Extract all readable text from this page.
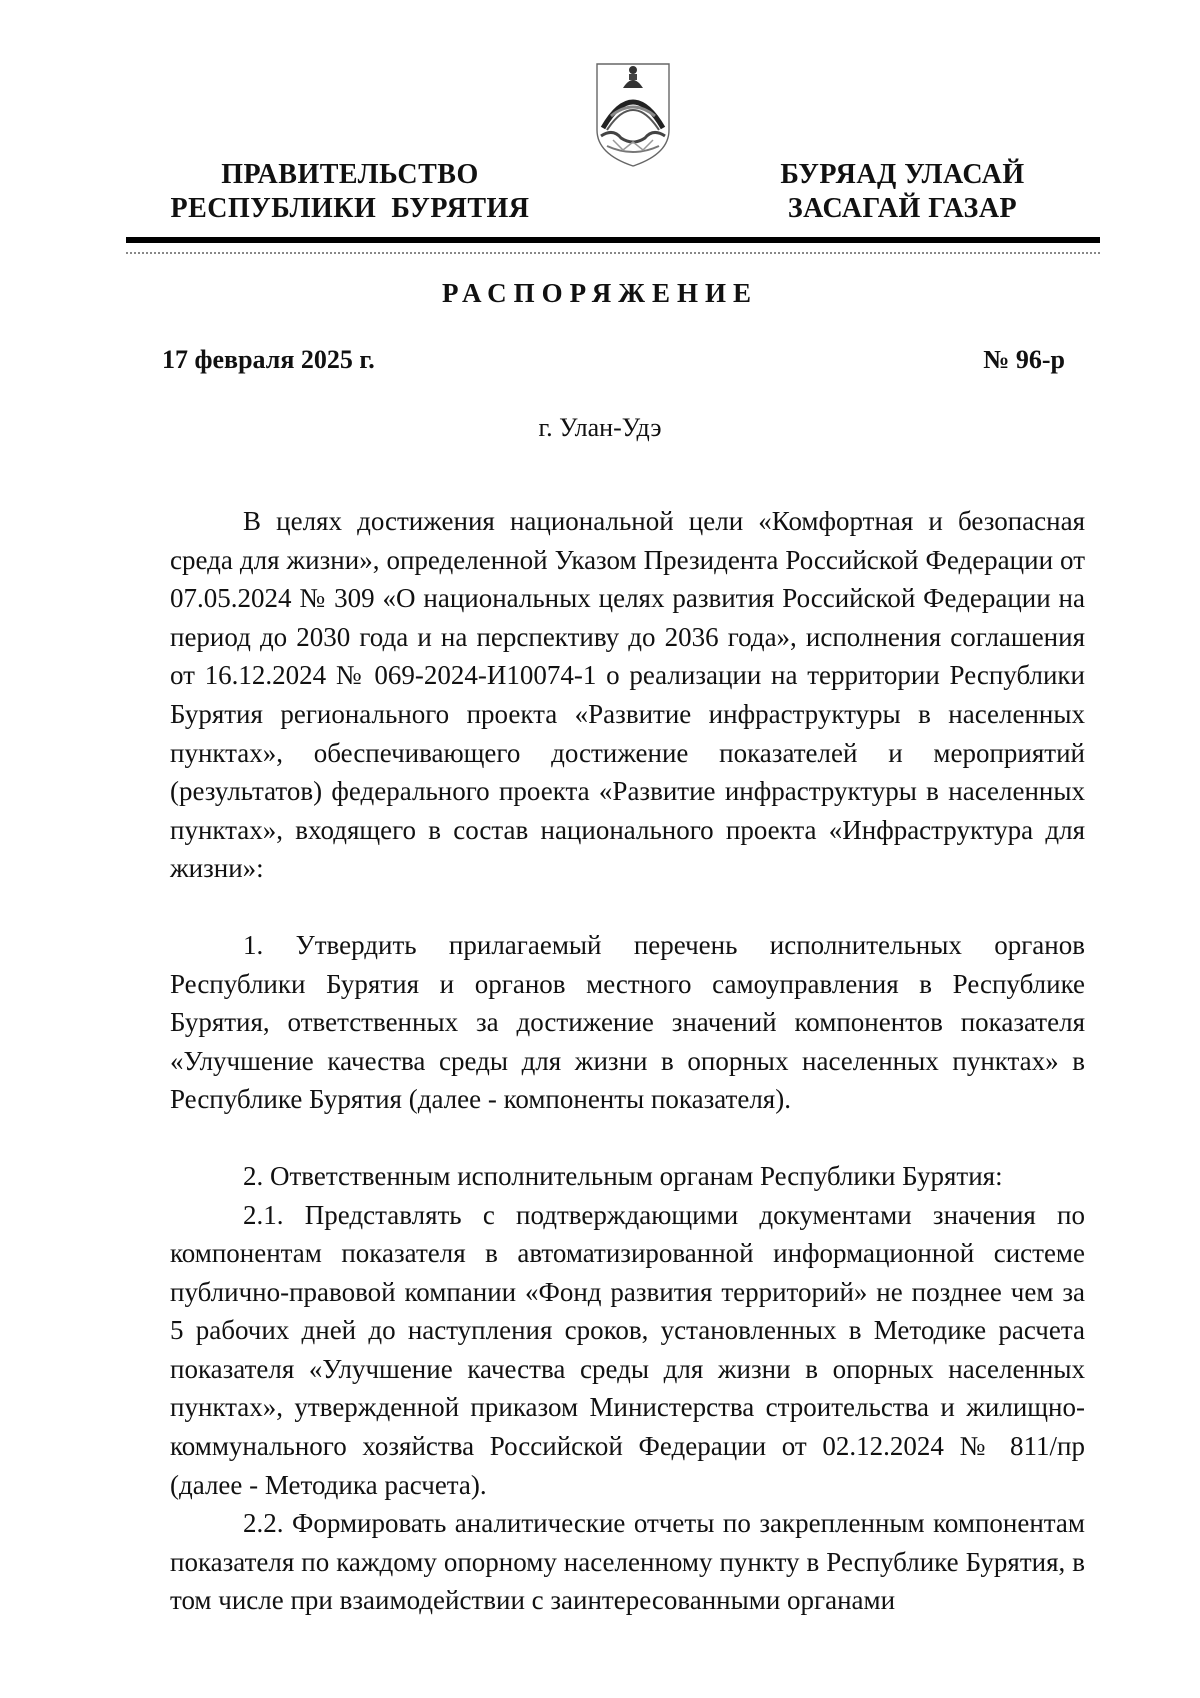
ПРАВИТЕЛЬСТВО
РЕСПУБЛИКИ  БУРЯТИЯ
БУРЯАД УЛАСАЙ
ЗАСАГАЙ ГАЗАР
РАСПОРЯЖЕНИЕ
17 февраля 2025 г.	№ 96-р
г. Улан-Удэ

В целях достижения национальной цели «Комфортная и безопасная среда для жизни», определенной Указом Президента Российской Федерации от 07.05.2024 № 309 «О национальных целях развития Российской Федерации на период до 2030 года и на перспективу до 2036 года», исполнения соглашения от 16.12.2024 № 069-2024-И10074-1 о реализации на территории Республики Бурятия регионального проекта «Развитие инфраструктуры в населенных пунктах», обеспечивающего достижение показателей и мероприятий (результатов) федерального проекта «Развитие инфраструктуры в населенных пунктах», входящего в состав национального проекта «Инфраструктура для жизни»:

1. Утвердить прилагаемый перечень исполнительных органов Республики Бурятия и органов местного самоуправления в Республике Бурятия, ответственных за достижение значений компонентов показателя «Улучшение качества среды для жизни в опорных населенных пунктах» в Республике Бурятия (далее - компоненты показателя).

2. Ответственным исполнительным органам Республики Бурятия:

2.1. Представлять с подтверждающими документами значения по компонентам показателя в автоматизированной информационной системе публично-правовой компании «Фонд развития территорий» не позднее чем за 5 рабочих дней до наступления сроков, установленных в Методике расчета показателя «Улучшение качества среды для жизни в опорных населенных пунктах», утвержденной приказом Министерства строительства и жилищно-коммунального хозяйства Российской Федерации от 02.12.2024 № 811/пр (далее - Методика расчета).

2.2. Формировать аналитические отчеты по закрепленным компонентам показателя по каждому опорному населенному пункту в Республике Бурятия, в том числе при взаимодействии с заинтересованными органами
